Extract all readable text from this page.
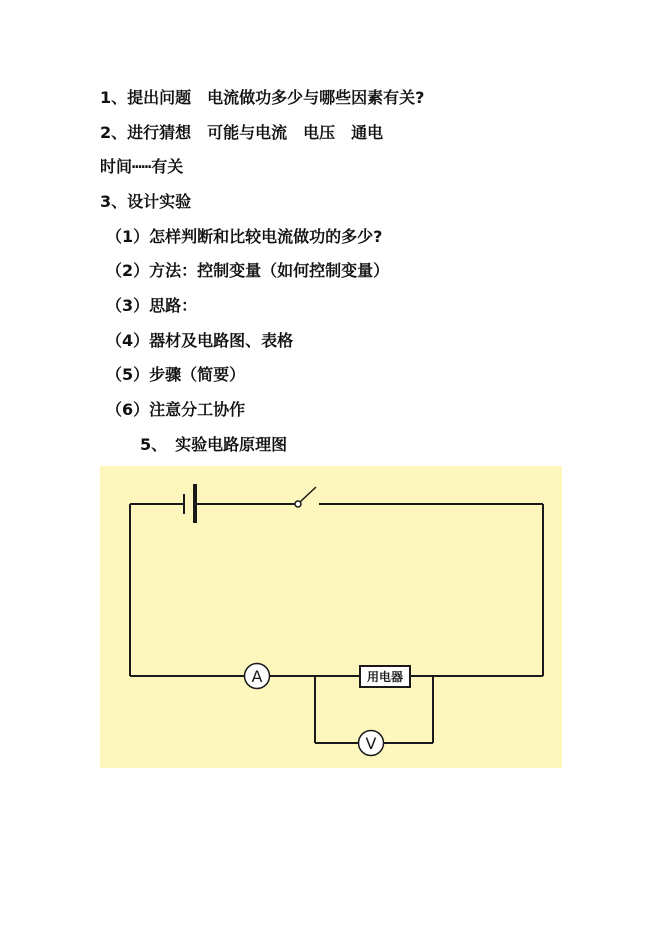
1、提出问题　电流做功多少与哪些因素有关?
2、进行猜想　可能与电流　电压　通电
时间┅┅有关
3、设计实验
（1）怎样判断和比较电流做功的多少?
（2）方法：控制变量（如何控制变量）
（3）思路：
（4）器材及电路图、表格
（5）步骤（简要）
（6）注意分工协作
5、　实验电路原理图
A	用电器
V
